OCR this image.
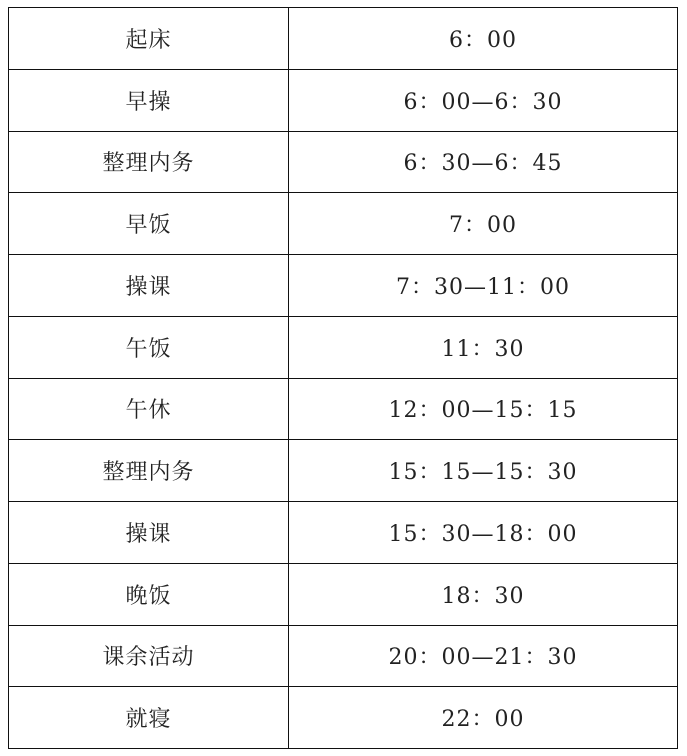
起床	6：00
早操	6：00—6：30
整理内务	6：30—6：45
早饭	7：00
操课	7：30—11：00
午饭	11：30
午休	12：00—15：15
整理内务	15：15—15：30
操课	15：30—18：00
晚饭	18：30
课余活动	20：00—21：30
就寝	22：00
